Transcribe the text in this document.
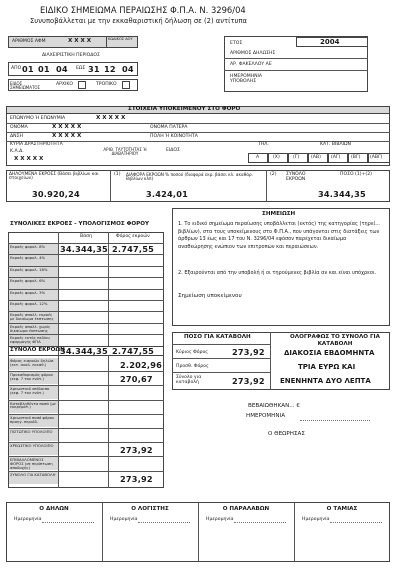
ΕΙΔΙΚΟ ΣΗΜΕΙΩΜΑ ΠΕΡΑΙΩΣΗΣ Φ.Π.Α. Ν. 3296/04
Συνυποβάλλεται με την εκκαθαριστική δήλωση σε (2) αντίτυπα
ΑΡΙΘΜΟΣ ΑΦΜ	Χ Χ Χ Χ	ΚΩΔΙΚΟΣ ΔΟΥ
ΔΙΑΧΕΙΡΙΣΤΙΚΗ ΠΕΡΙΟΔΟΣ
ΑΠΟ 01 01 04 ΕΩΣ 31 12 04
ΕΙΔΟΣ ΣΗΜΕΙΩΜΑΤΟΣ
ΑΡΧΙΚΟ	ΤΡΟΠΙΚΟ
ΕΤΟΣ	2004
ΑΡΙΘΜΟΣ ΔΗΛΩΣΗΣ
ΑΡ. ΦΑΚΕΛΛΟΥ ΑΕ
ΗΜΕΡΟΜΗΝΙΑ ΥΠΟΒΟΛΗΣ
ΣΤΟΙΧΕΙΑ ΥΠΟΚΕΙΜΕΝΟΥ ΣΤΟ ΦΟΡΟ
ΕΠΩΝΥΜΟ Ή ΕΠΩΝΥΜΙΑ	Χ Χ Χ Χ Χ
ΟΝΟΜΑ	Χ Χ Χ Χ Χ	ΟΝΟΜΑ ΠΑΤΕΡΑ
ΔΝΣΗ	Χ Χ Χ Χ Χ	ΠΟΛΗ Ή ΚΟΙΝΟΤΗΤΑ
ΚΥΡΙΑ ΔΡΑΣΤΗΡΙΟΤΗΤΑ	ΤΗΛ.
Κ.Α.Δ.
Χ Χ Χ Χ Χ
ΑΡΙΘ. ΤΑΥΤΟΤΗΤΑΣ Ή ΔΙΑΒΑΤΗΡΙΟΥ
ΕΙΔΟΣ
ΚΑΤ. ΒΙΒΛΙΩΝ
Α	(Χ)	(Γ)	(ΑΒ) (ΑΓ) (ΒΓ) (ΑΒΓ)
ΔΗΛΟΥΜΕΝΑ ΕΚΡΟΕΣ (Βάσει βιβλίων και στοιχείων)
30.920,24
(1) ΔΙΑΦΟΡΑ ΕΚΡΟΩΝ % ποσού (διαφορά εκρ. βάσει κλ. ακαθάρ. Βιβλίων κλπ)
3.424,01
(2) ΣΥΝΟΛΟ ΕΚΡΟΩΝ
ΠΟΣΟ (1)+(2)
34.344,35
ΣΥΝΟΛΙΚΕΣ ΕΚΡΟΕΣ - ΥΠΟΛΟΓΙΣΜΟΣ ΦΟΡΟΥ
Βάση	Φόρος εκροών
Εκροές φορολ. 8%	34.344,35 2.747,55
Εκροές φορολ. 4%
Εκροές φορολ. 18%
Εκροές φορολ. 6%
Εκροές φορολ. 3%
Εκροές φορολ. 12%
Εκροές απαλλ. εκροές με δικαίωμα έκπτωσης
Εκροές απαλλ. χωρίς δικαίωμα έκπτωσης
Εκροές εκτός πεδίου εφαρμογής ΦΠΑ
ΣΥΝΟΛΟ ΕΚΡΟΩΝ
34.344,35 2.747,55
Φόρος εισροών δηλώσ. (εκτ. αναλ. εκκαθ.)	2.202,96
Προκαθορισμός φόρου (κεφ. 7 του ενότ.)	270,67
Χρεωστικό υπόλοιπο (κεφ. 7 του ενότ.)
Καταβληθέντα ποσά (με εκκρεμότ.)
Χρεωστικό ποσό φόρου προηγ. περιόδ.
ΠΙΣΤΩΤΙΚΟ ΥΠΟΛΟΙΠΟ
ΧΡΕΩΣΤΙΚΟ ΥΠΟΛΟΙΠΟ	273,92
ΕΠΙΒΑΛΛΟΜΕΝΟΣ ΦΟΡΟΣ (σε περίπτωση αποδοχής)
ΣΥΝΟΛΟ ΓΙΑ ΚΑΤΑΒΟΛΗ	273,92
ΣΗΜΕΙΩΣΗ
1. Το ειδικό σημείωμα περαίωσης υποβάλλεται (εκτός) της κατηγορίας (τηρεί... βιβλίων), στα τους υποκείμενους στο Φ.Π.Α., που υπάγονται στις διατάξεις των άρθρων 13 έως και 17 του Ν. 3296/04 εφόσον παρέχεται δικαίωμα αναθεώρησης ενώπιον των επιτροπών και περαιώσεων.
2. Εξαιρούνται από την υποβολή ή οι τηρούμενες βιβλία αν και είναι υπόχρεοι.
Σημείωση υποκείμενου
ΠΟΣΟ ΓΙΑ ΚΑΤΑΒΟΛΗ	ΟΛΟΓΡΑΦΩΣ ΤΟ ΣΥΝΟΛΟ ΓΙΑ ΚΑΤΑΒΟΛΗ
Κύριος Φόρος	273,92
Προσθ. Φόρος
Σύνολο για καταβολή	273,92
ΔΙΑΚΟΣΙΑ ΕΒΔΟΜΗΝΤΑ
ΤΡΙΑ ΕΥΡΩ ΚΑΙ
ΕΝΕΝΗΝΤΑ ΔΥΟ ΛΕΠΤΑ
ΒΕΒΑΙΩΘΗΚΑΝ... €
ΗΜΕΡΟΜΗΝΙΑ
Ο ΘΕΩΡΗΣΑΣ
Ο ΔΗΛΩΝ
Ημερομηνία
Ο ΛΟΓΙΣΤΗΣ
Ημερομηνία
Ο ΠΑΡΑΛΑΒΩΝ
Ημερομηνία
Ο ΤΑΜΙΑΣ
Ημερομηνία
